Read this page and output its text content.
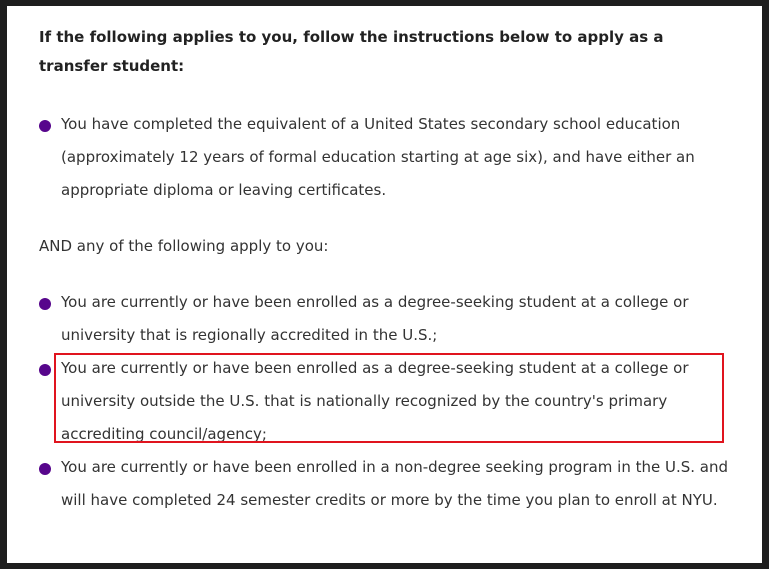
If the following applies to you, follow the instructions below to apply as a transfer student:
You have completed the equivalent of a United States secondary school education (approximately 12 years of formal education starting at age six), and have either an appropriate diploma or leaving certificates.
AND any of the following apply to you:
You are currently or have been enrolled as a degree-seeking student at a college or university that is regionally accredited in the U.S.;
You are currently or have been enrolled as a degree-seeking student at a college or university outside the U.S. that is nationally recognized by the country's primary accrediting council/agency;
You are currently or have been enrolled in a non-degree seeking program in the U.S. and will have completed 24 semester credits or more by the time you plan to enroll at NYU.
